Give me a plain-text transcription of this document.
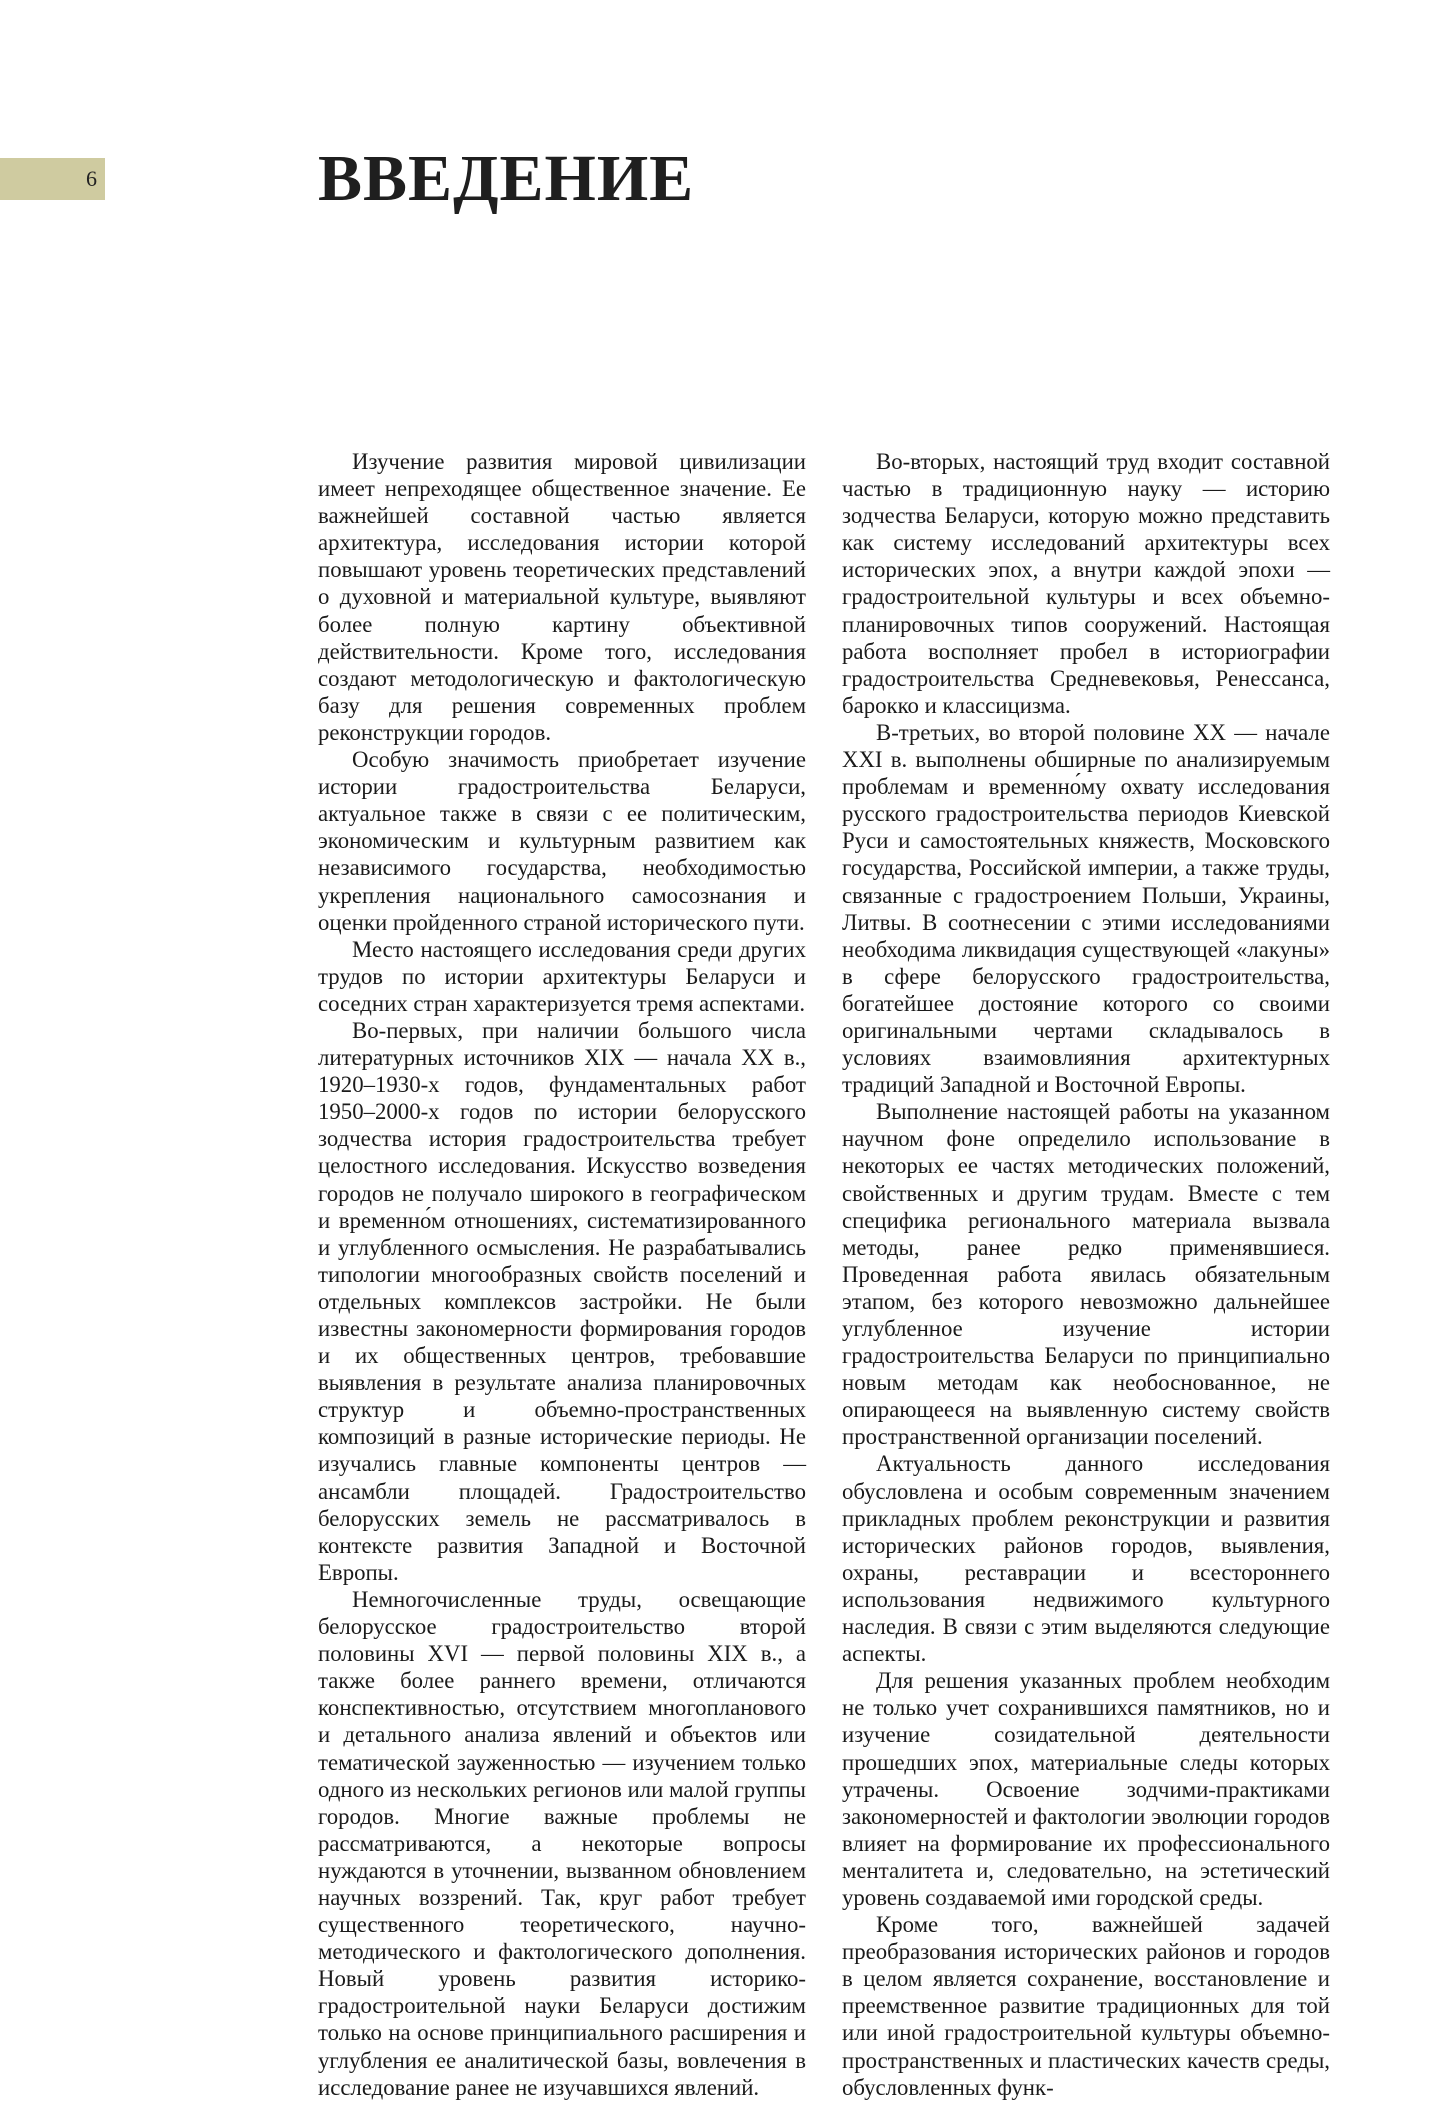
6	ВВЕДЕНИЕ

Изучение развития мировой цивилизации имеет непреходящее общественное значение. Ее важнейшей составной частью является архитектура, исследования истории которой повышают уровень теоретических представлений о духовной и материальной культуре, выявляют более полную картину объективной действительности. Кроме того, исследования создают методологическую и фактологическую базу для решения современных проблем реконструкции городов.

Особую значимость приобретает изучение истории градостроительства Беларуси, актуальное также в связи с ее политическим, экономическим и культурным развитием как независимого государства, необходимостью укрепления национального самосознания и оценки пройденного страной исторического пути.

Место настоящего исследования среди других трудов по истории архитектуры Беларуси и соседних стран характеризуется тремя аспектами.

Во-первых, при наличии большого числа литературных источников XIX — начала XX в., 1920–1930-х годов, фундаментальных работ 1950–2000-х годов по истории белорусского зодчества история градостроительства требует целостного исследования. Искусство возведения городов не получало широкого в географическом и временно́м отношениях, систематизированного и углубленного осмысления. Не разрабатывались типологии многообразных свойств поселений и отдельных комплексов застройки. Не были известны закономерности формирования городов и их общественных центров, требовавшие выявления в результате анализа планировочных структур и объемно-пространственных композиций в разные исторические периоды. Не изучались главные компоненты центров — ансамбли площадей. Градостроительство белорусских земель не рассматривалось в контексте развития Западной и Восточной Европы.

Немногочисленные труды, освещающие белорусское градостроительство второй половины XVI — первой половины XIX в., а также более раннего времени, отличаются конспективностью, отсутствием многопланового и детального анализа явлений и объектов или тематической зауженностью — изучением только одного из нескольких регионов или малой группы городов. Многие важные проблемы не рассматриваются, а некоторые вопросы нуждаются в уточнении, вызванном обновлением научных воззрений. Так, круг работ требует существенного теоретического, научно-методического и фактологического дополнения. Новый уровень развития историко-градостроительной науки Беларуси достижим только на основе принципиального расширения и углубления ее аналитической базы, вовлечения в исследование ранее не изучавшихся явлений.

Во-вторых, настоящий труд входит составной частью в традиционную науку — историю зодчества Беларуси, которую можно представить как систему исследований архитектуры всех исторических эпох, а внутри каждой эпохи — градостроительной культуры и всех объемно-планировочных типов сооружений. Настоящая работа восполняет пробел в историографии градостроительства Средневековья, Ренессанса, барокко и классицизма.

В-третьих, во второй половине XX — начале XXI в. выполнены обширные по анализируемым проблемам и временно́му охвату исследования русского градостроительства периодов Киевской Руси и самостоятельных княжеств, Московского государства, Российской империи, а также труды, связанные с градостроением Польши, Украины, Литвы. В соотнесении с этими исследованиями необходима ликвидация существующей «лакуны» в сфере белорусского градостроительства, богатейшее достояние которого со своими оригинальными чертами складывалось в условиях взаимовлияния архитектурных традиций Западной и Восточной Европы.

Выполнение настоящей работы на указанном научном фоне определило использование в некоторых ее частях методических положений, свойственных и другим трудам. Вместе с тем специфика регионального материала вызвала методы, ранее редко применявшиеся. Проведенная работа явилась обязательным этапом, без которого невозможно дальнейшее углубленное изучение истории градостроительства Беларуси по принципиально новым методам как необоснованное, не опирающееся на выявленную систему свойств пространственной организации поселений.

Актуальность данного исследования обусловлена и особым современным значением прикладных проблем реконструкции и развития исторических районов городов, выявления, охраны, реставрации и всестороннего использования недвижимого культурного наследия. В связи с этим выделяются следующие аспекты.

Для решения указанных проблем необходим не только учет сохранившихся памятников, но и изучение созидательной деятельности прошедших эпох, материальные следы которых утрачены. Освоение зодчими-практиками закономерностей и фактологии эволюции городов влияет на формирование их профессионального менталитета и, следовательно, на эстетический уровень создаваемой ими городской среды.

Кроме того, важнейшей задачей преобразования исторических районов и городов в целом является сохранение, восстановление и преемственное развитие традиционных для той или иной градостроительной культуры объемно-пространственных и пластических качеств среды, обусловленных функ-
